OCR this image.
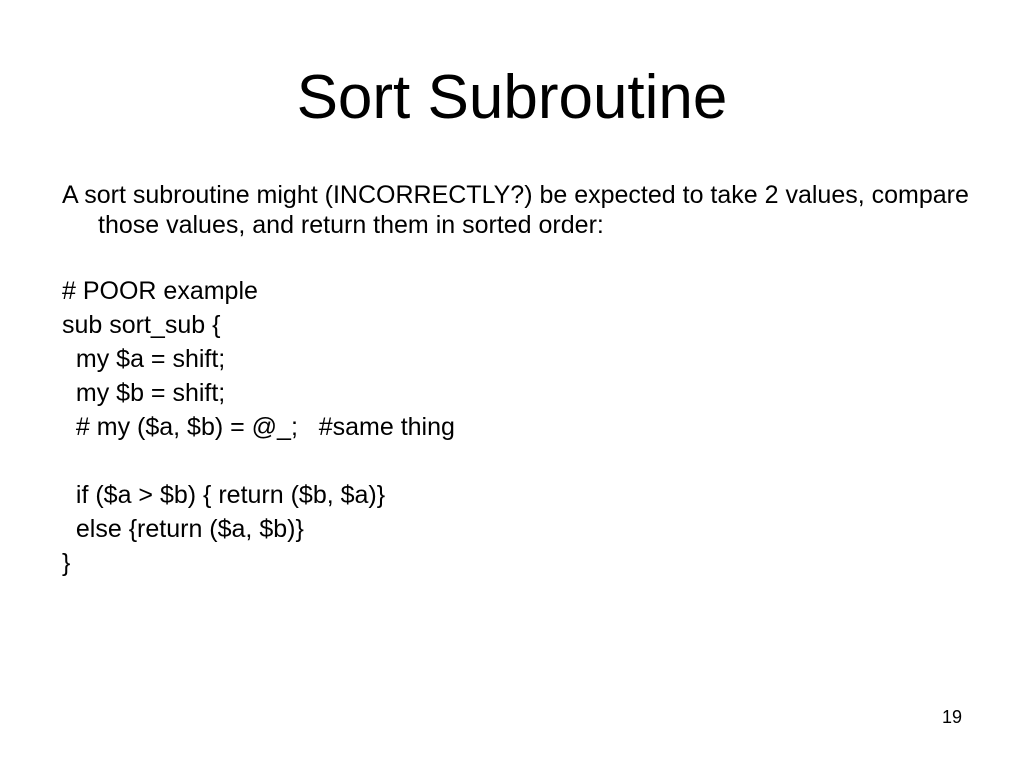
Sort Subroutine

A sort subroutine might (INCORRECTLY?) be expected to take 2 values, compare those values, and return them in sorted order:

# POOR example
sub sort_sub {
my $a = shift;
my $b = shift;
# my ($a, $b) = @_;   #same thing
if ($a > $b) { return ($b, $a)}
else {return ($a, $b)}
}
19
